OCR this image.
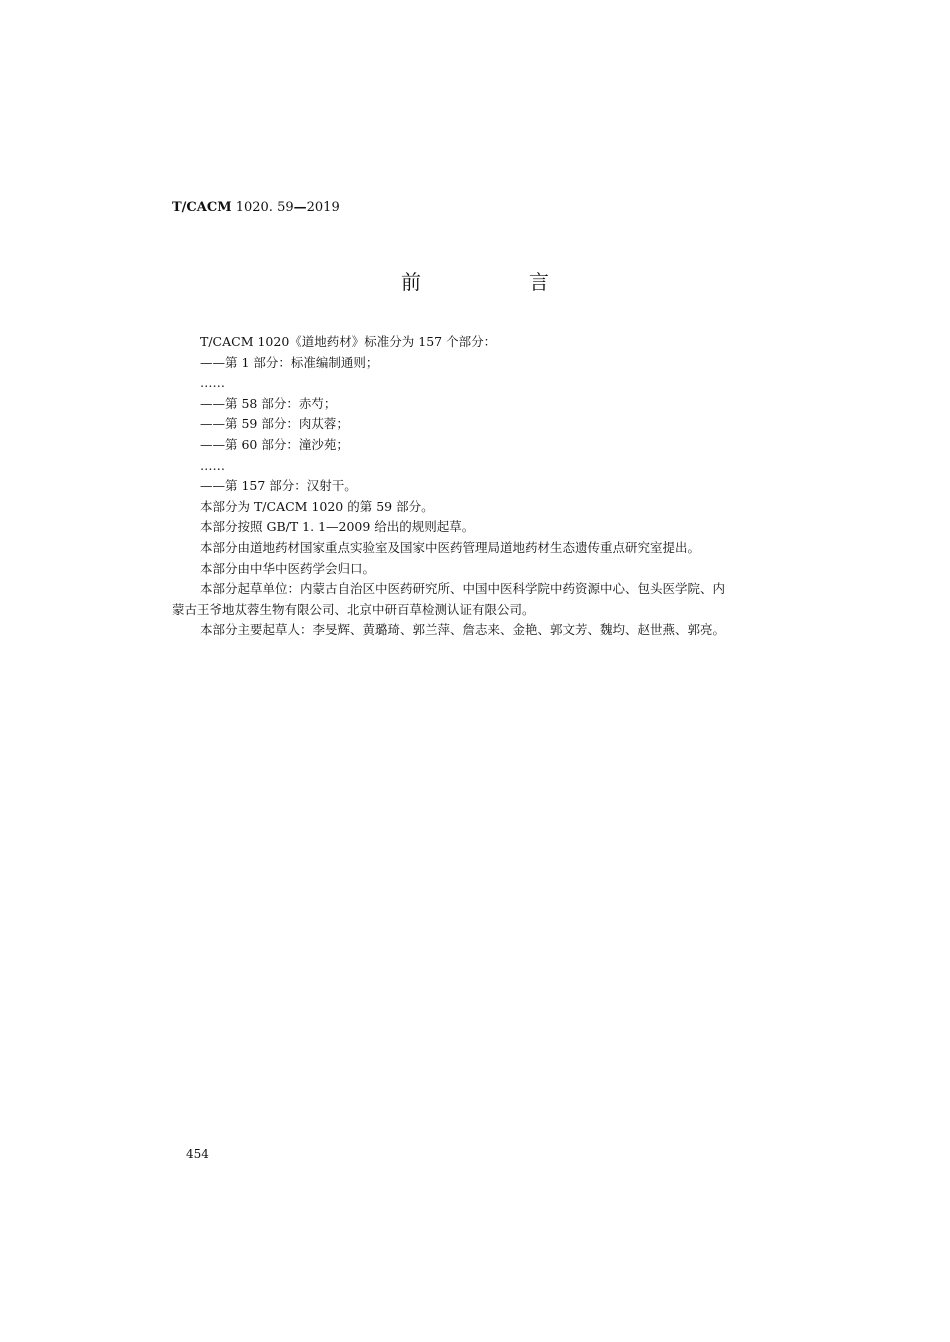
T/CACM 1020. 59—2019
前　言
T/CACM 1020《道地药材》标准分为 157 个部分：
——第 1 部分：标准编制通则；
……
——第 58 部分：赤芍；
——第 59 部分：肉苁蓉；
——第 60 部分：潼沙苑；
……
——第 157 部分：汉射干。
本部分为 T/CACM 1020 的第 59 部分。
本部分按照 GB/T 1. 1—2009 给出的规则起草。
本部分由道地药材国家重点实验室及国家中医药管理局道地药材生态遗传重点研究室提出。
本部分由中华中医药学会归口。
本部分起草单位：内蒙古自治区中医药研究所、中国中医科学院中药资源中心、包头医学院、内
蒙古王爷地苁蓉生物有限公司、北京中研百草检测认证有限公司。
本部分主要起草人：李旻辉、黄璐琦、郭兰萍、詹志来、金艳、郭文芳、魏均、赵世燕、郭亮。
454
